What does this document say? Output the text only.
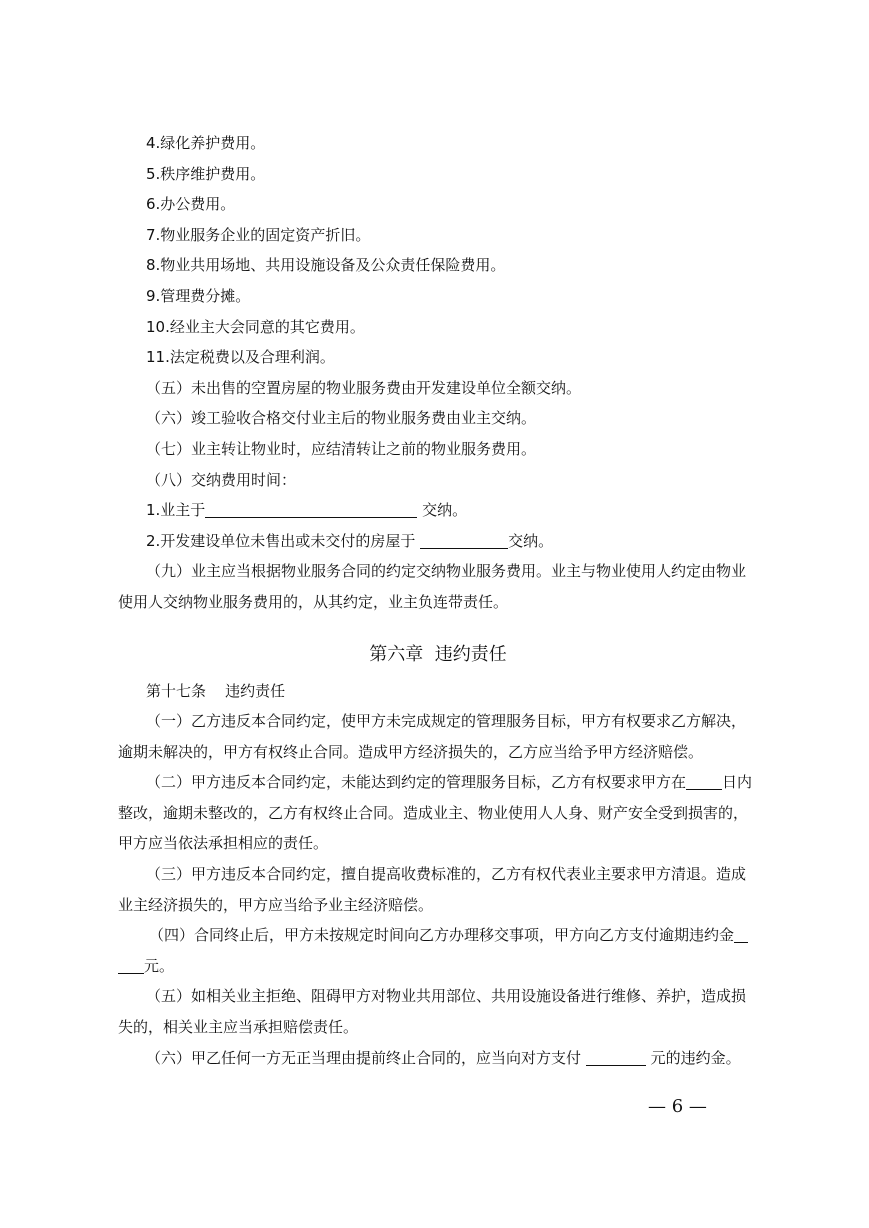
4.绿化养护费用。
5.秩序维护费用。
6.办公费用。
7.物业服务企业的固定资产折旧。
8.物业共用场地、共用设施设备及公众责任保险费用。
9.管理费分摊。
10.经业主大会同意的其它费用。
11.法定税费以及合理利润。
（五）未出售的空置房屋的物业服务费由开发建设单位全额交纳。
（六）竣工验收合格交付业主后的物业服务费由业主交纳。
（七）业主转让物业时，应结清转让之前的物业服务费用。
（八）交纳费用时间：
1.业主于	交纳。
2.开发建设单位未售出或未交付的房屋于	交纳。
（九）业主应当根据物业服务合同的约定交纳物业服务费用。业主与物业使用人约定由物业
使用人交纳物业服务费用的，从其约定，业主负连带责任。
第六章  违约责任
第十七条    违约责任
（一）乙方违反本合同约定，使甲方未完成规定的管理服务目标，甲方有权要求乙方解决，
逾期未解决的，甲方有权终止合同。造成甲方经济损失的，乙方应当给予甲方经济赔偿。
（二）甲方违反本合同约定，未能达到约定的管理服务目标，乙方有权要求甲方在 日内
整改，逾期未整改的，乙方有权终止合同。造成业主、物业使用人人身、财产安全受到损害的，
甲方应当依法承担相应的责任。
（三）甲方违反本合同约定，擅自提高收费标准的，乙方有权代表业主要求甲方清退。造成
业主经济损失的，甲方应当给予业主经济赔偿。
（四）合同终止后，甲方未按规定时间向乙方办理移交事项，甲方向乙方支付逾期违约金
元。
（五）如相关业主拒绝、阻碍甲方对物业共用部位、共用设施设备进行维修、养护，造成损
失的，相关业主应当承担赔偿责任。
（六）甲乙任何一方无正当理由提前终止合同的，应当向对方支付	元的违约金。
— 6 —
